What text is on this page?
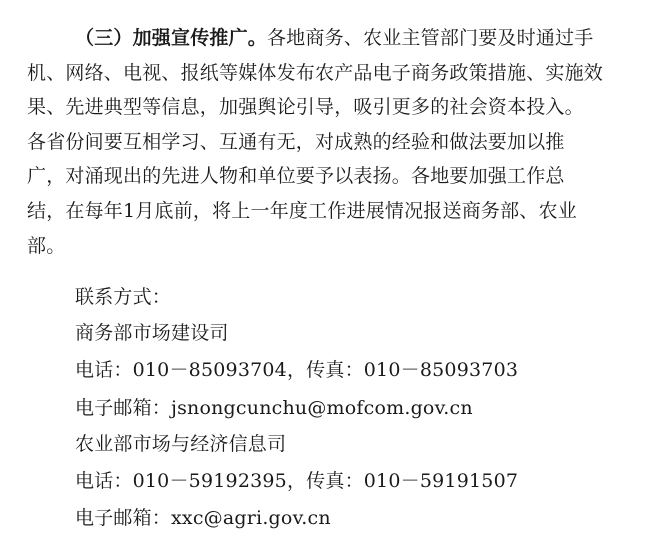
（三）加强宣传推广。各地商务、农业主管部门要及时通过手
机、网络、电视、报纸等媒体发布农产品电子商务政策措施、实施效
果、先进典型等信息，加强舆论引导，吸引更多的社会资本投入。
各省份间要互相学习、互通有无，对成熟的经验和做法要加以推
广，对涌现出的先进人物和单位要予以表扬。各地要加强工作总
结，在每年1月底前，将上一年度工作进展情况报送商务部、农业
部。
联系方式：
商务部市场建设司
电话：010－85093704，传真：010－85093703
电子邮箱：jsnongcunchu@mofcom.gov.cn
农业部市场与经济信息司
电话：010－59192395，传真：010－59191507
电子邮箱：xxc@agri.gov.cn
